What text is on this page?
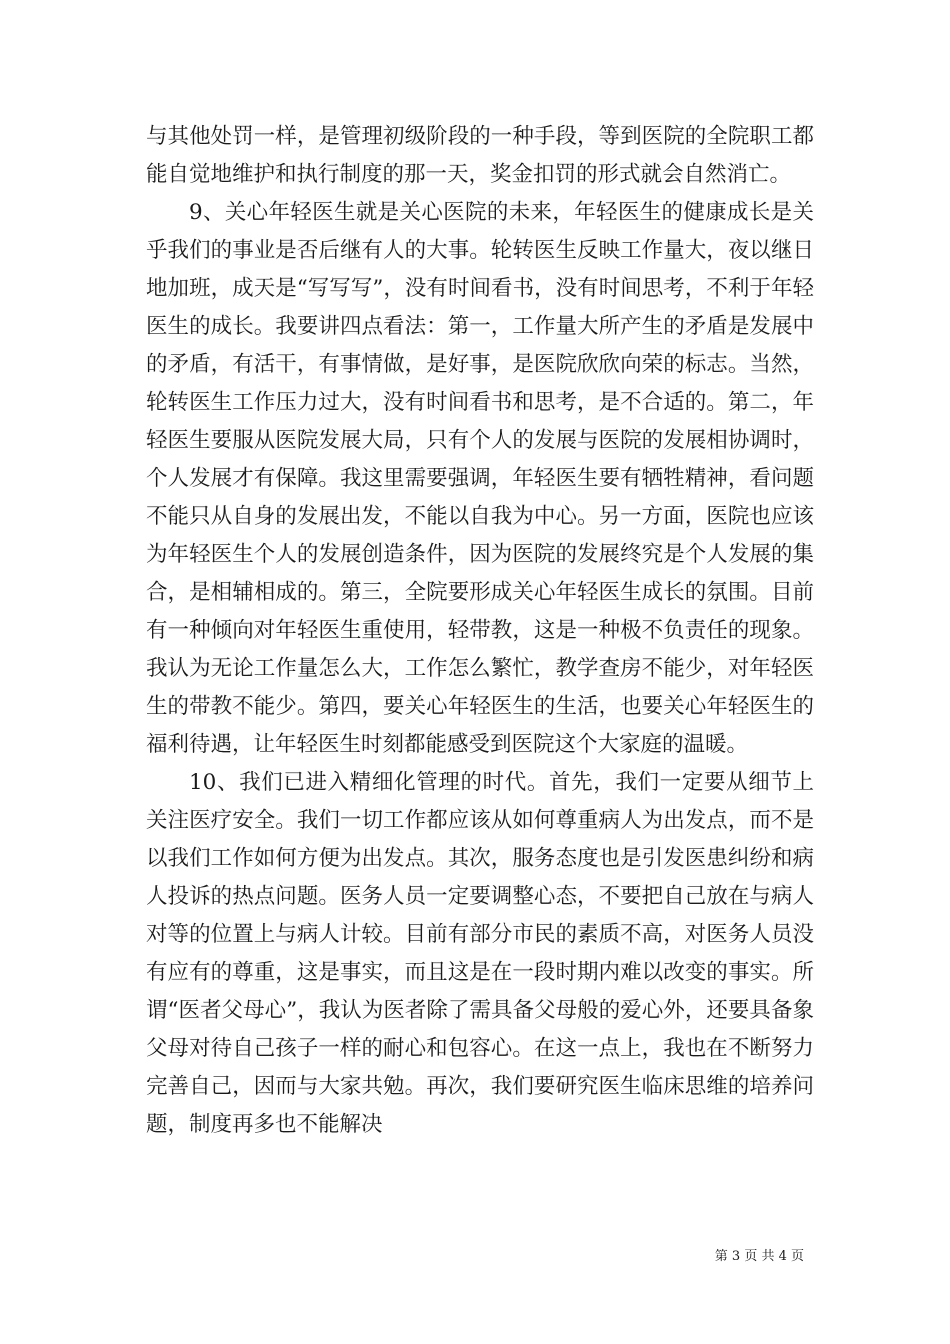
与其他处罚一样，是管理初级阶段的一种手段，等到医院的全院职工都能自觉地维护和执行制度的那一天，奖金扣罚的形式就会自然消亡。

9、关心年轻医生就是关心医院的未来，年轻医生的健康成长是关乎我们的事业是否后继有人的大事。轮转医生反映工作量大，夜以继日地加班，成天是“写写写”，没有时间看书，没有时间思考，不利于年轻医生的成长。我要讲四点看法：第一，工作量大所产生的矛盾是发展中的矛盾，有活干，有事情做，是好事，是医院欣欣向荣的标志。当然，轮转医生工作压力过大，没有时间看书和思考，是不合适的。第二，年轻医生要服从医院发展大局，只有个人的发展与医院的发展相协调时，个人发展才有保障。我这里需要强调，年轻医生要有牺牲精神，看问题不能只从自身的发展出发，不能以自我为中心。另一方面，医院也应该为年轻医生个人的发展创造条件，因为医院的发展终究是个人发展的集合，是相辅相成的。第三，全院要形成关心年轻医生成长的氛围。目前有一种倾向对年轻医生重使用，轻带教，这是一种极不负责任的现象。我认为无论工作量怎么大，工作怎么繁忙，教学查房不能少，对年轻医生的带教不能少。第四，要关心年轻医生的生活，也要关心年轻医生的福利待遇，让年轻医生时刻都能感受到医院这个大家庭的温暖。

10、我们已进入精细化管理的时代。首先，我们一定要从细节上关注医疗安全。我们一切工作都应该从如何尊重病人为出发点，而不是以我们工作如何方便为出发点。其次，服务态度也是引发医患纠纷和病人投诉的热点问题。医务人员一定要调整心态，不要把自己放在与病人对等的位置上与病人计较。目前有部分市民的素质不高，对医务人员没有应有的尊重，这是事实，而且这是在一段时期内难以改变的事实。所谓“医者父母心”，我认为医者除了需具备父母般的爱心外，还要具备象父母对待自己孩子一样的耐心和包容心。在这一点上，我也在不断努力完善自己，因而与大家共勉。再次，我们要研究医生临床思维的培养问题，制度再多也不能解决

第 3 页 共 4 页
